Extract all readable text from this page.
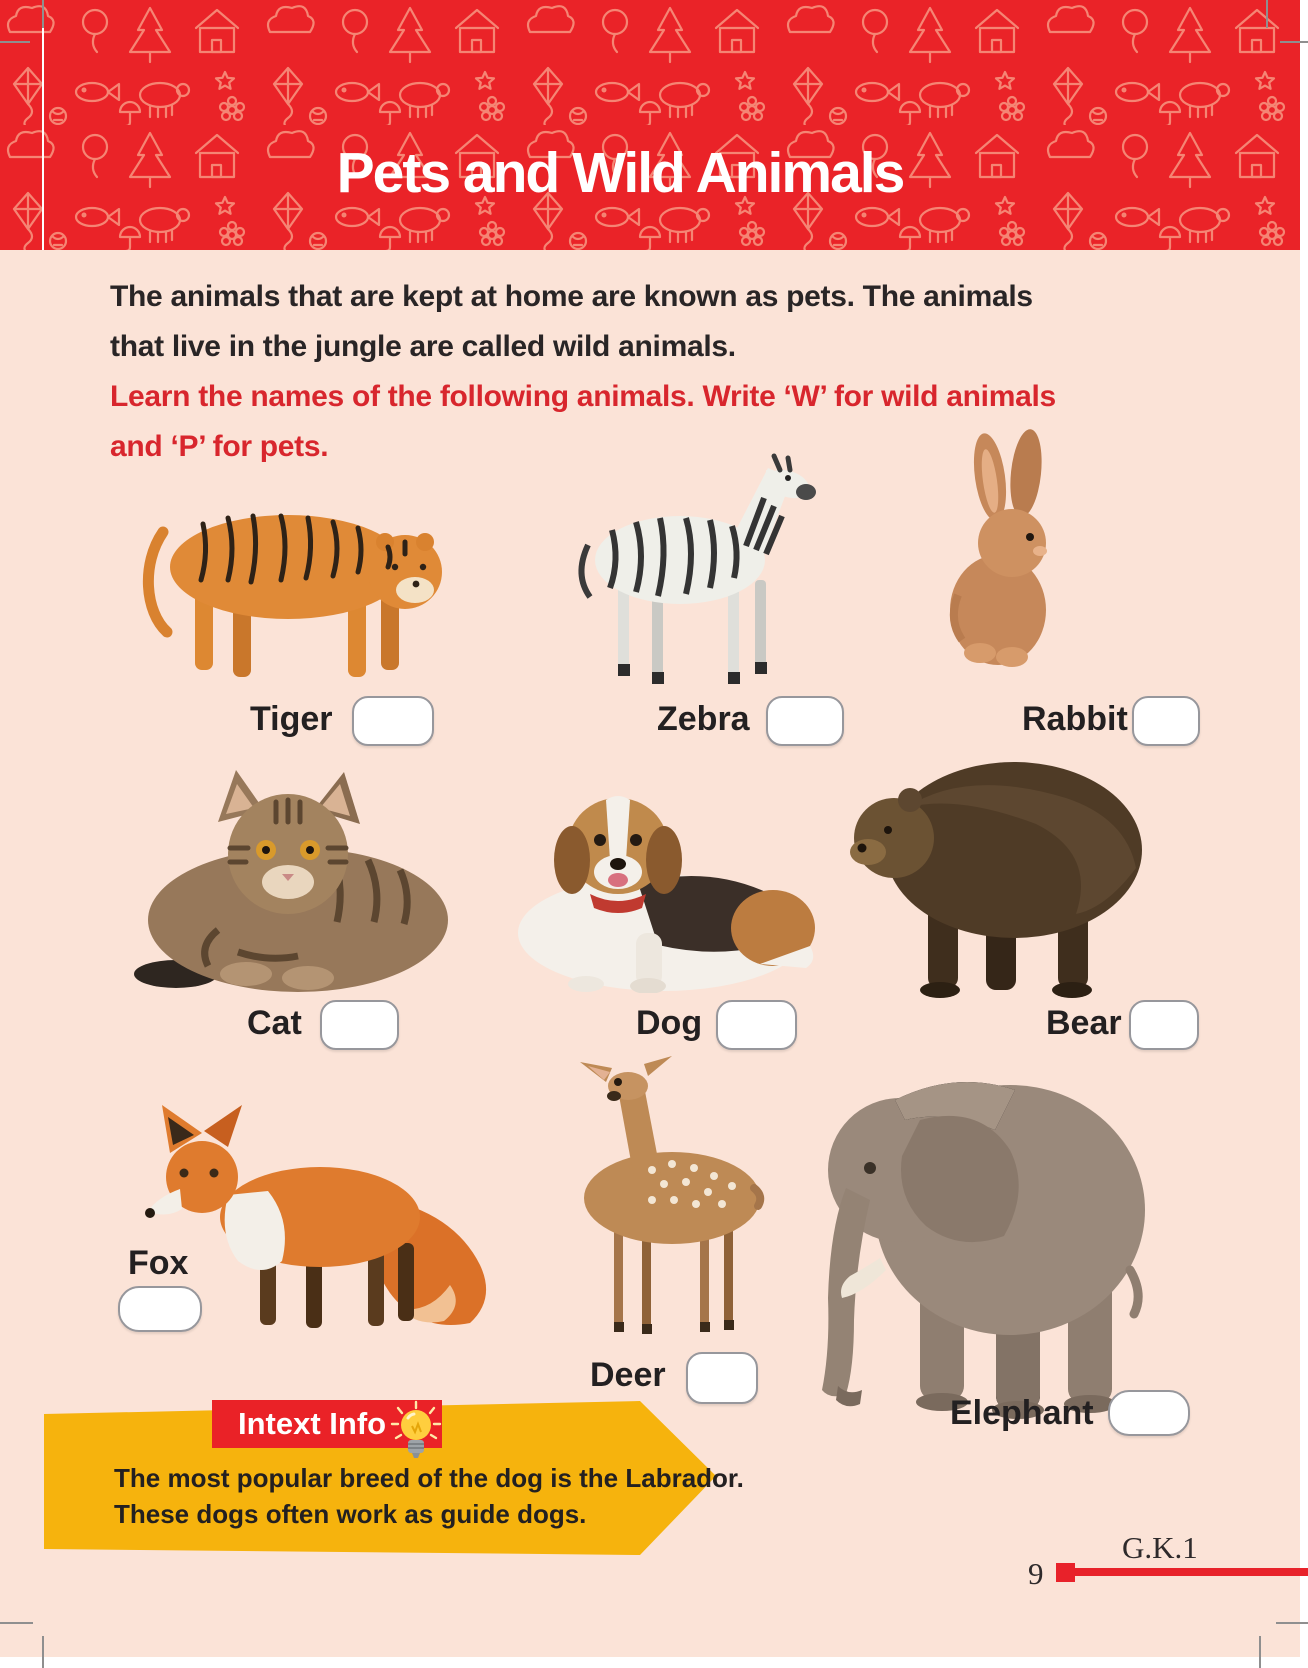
Pets and Wild Animals
The animals that are kept at home are known as pets. The animals
that live in the jungle are called wild animals.
Learn the names of the following animals. Write ‘W’ for wild animals
and ‘P’ for pets.
Tiger	Zebra	Rabbit
Cat	Dog	Bear
Fox
Deer
Elephant
Intext Info
The most popular breed of the dog is the Labrador.
These dogs often work as guide dogs.
G.K.1
9
